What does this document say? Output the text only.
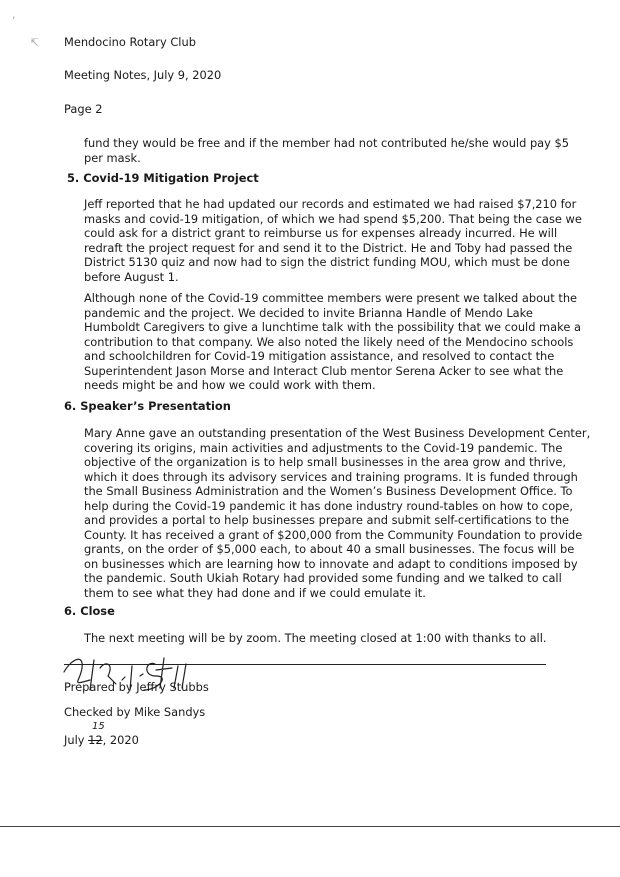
‚
↸ Mendocino Rotary Club
Meeting Notes, July 9, 2020
Page 2
fund they would be free and if the member had not contributed he/she would pay $5
per mask.
5. Covid-19 Mitigation Project
Jeff reported that he had updated our records and estimated we had raised $7,210 for
masks and covid-19 mitigation, of which we had spend $5,200. That being the case we
could ask for a district grant to reimburse us for expenses already incurred. He will
redraft the project request for and send it to the District. He and Toby had passed the
District 5130 quiz and now had to sign the district funding MOU, which must be done
before August 1.
Although none of the Covid-19 committee members were present we talked about the
pandemic and the project. We decided to invite Brianna Handle of Mendo Lake
Humboldt Caregivers to give a lunchtime talk with the possibility that we could make a
contribution to that company. We also noted the likely need of the Mendocino schools
and schoolchildren for Covid-19 mitigation assistance, and resolved to contact the
Superintendent Jason Morse and Interact Club mentor Serena Acker to see what the
needs might be and how we could work with them.
6. Speaker’s Presentation
Mary Anne gave an outstanding presentation of the West Business Development Center,
covering its origins, main activities and adjustments to the Covid-19 pandemic. The
objective of the organization is to help small businesses in the area grow and thrive,
which it does through its advisory services and training programs. It is funded through
the Small Business Administration and the Women’s Business Development Office. To
help during the Covid-19 pandemic it has done industry round-tables on how to cope,
and provides a portal to help businesses prepare and submit self-certifications to the
County. It has received a grant of $200,000 from the Community Foundation to provide
grants, on the order of $5,000 each, to about 40 a small businesses. The focus will be
on businesses which are learning how to innovate and adapt to conditions imposed by
the pandemic. South Ukiah Rotary had provided some funding and we talked to call
them to see what they had done and if we could emulate it.
6. Close
The next meeting will be by zoom. The meeting closed at 1:00 with thanks to all.
Prepared by Jeffry Stubbs
Checked by Mike Sandys
July 12, 2020
15
